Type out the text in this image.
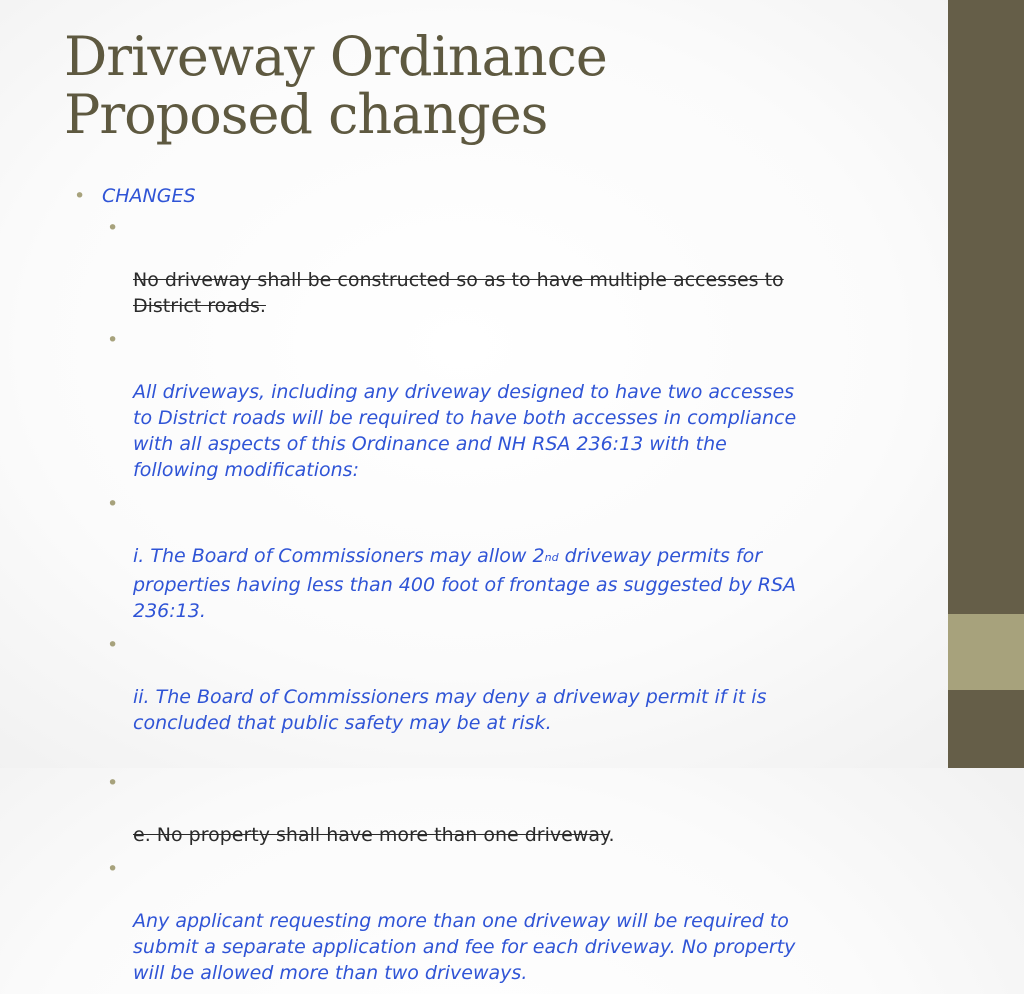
Driveway Ordinance
Proposed changes
• CHANGES

•

No driveway shall be constructed so as to have multiple accesses to
District roads.

•

All driveways, including any driveway designed to have two accesses
to District roads will be required to have both accesses in compliance
with all aspects of this Ordinance and NH RSA 236:13 with the
following modifications:

•

i. The Board of Commissioners may allow 2nd driveway permits for
properties having less than 400 foot of frontage as suggested by RSA
236:13.

•

ii. The Board of Commissioners may deny a driveway permit if it is
concluded that public safety may be at risk.

•

e. No property shall have more than one driveway.

•

Any applicant requesting more than one driveway will be required to
submit a separate application and fee for each driveway. No property
will be allowed more than two driveways.
